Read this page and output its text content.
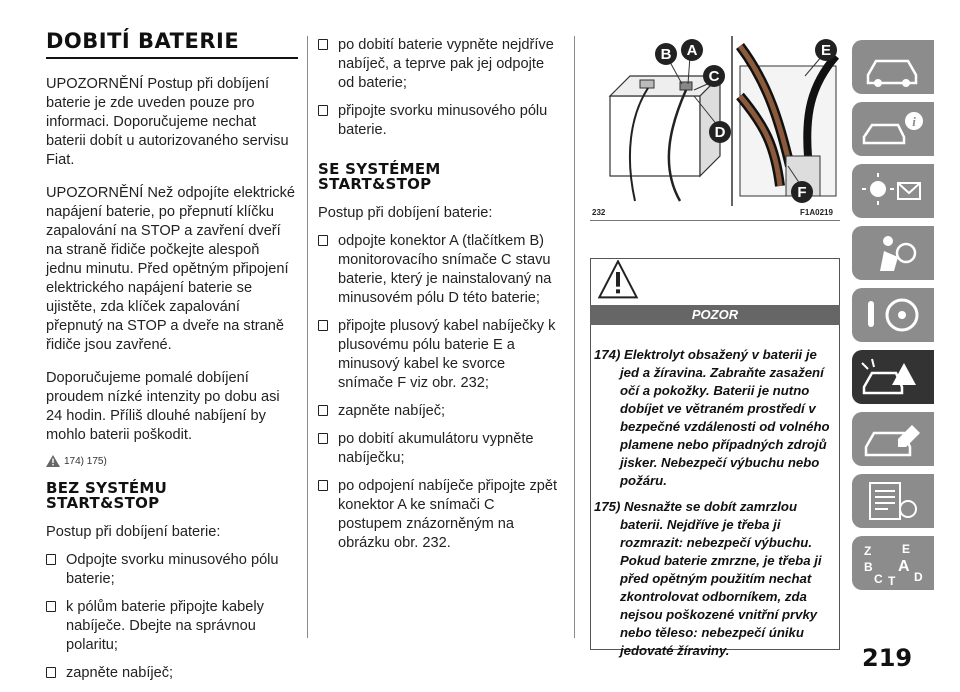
DOBITÍ BATERIE

UPOZORNĚNÍ Postup při dobíjení baterie je zde uveden pouze pro informaci. Doporučujeme nechat baterii dobít u autorizovaného servisu Fiat.

UPOZORNĚNÍ Než odpojíte elektrické napájení baterie, po přepnutí klíčku zapalování na STOP a zavření dveří na straně řidiče počkejte alespoň jednu minutu. Před opětným připojení elektrického napájení baterie se ujistěte, zda klíček zapalování přepnutý na STOP a dveře na straně řidiče jsou zavřené.

Doporučujeme pomalé dobíjení proudem nízké intenzity po dobu asi 24 hodin. Příliš dlouhé nabíjení by mohlo baterii poškodit.

174) 175)
BEZ SYSTÉMU
START&STOP

Postup při dobíjení baterie:

Odpojte svorku minusového pólu baterie;
k pólům baterie připojte kabely nabíječe. Dbejte na správnou polaritu;
zapněte nabíječ;
po dobití baterie vypněte nejdříve nabíječ, a teprve pak jej odpojte od baterie;
připojte svorku minusového pólu baterie.
SE SYSTÉMEM
START&STOP

Postup při dobíjení baterie:

odpojte konektor A (tlačítkem B) monitorovacího snímače C stavu baterie, který je nainstalovaný na minusovém pólu D této baterie;
připojte plusový kabel nabíječky k plusovému pólu baterie E a minusový kabel ke svorce snímače F viz obr. 232;
zapněte nabíječ;
po dobití akumulátoru vypněte nabíječku;
po odpojení nabíječe připojte zpět konektor A ke snímači C postupem znázorněným na obrázku obr. 232.
B A
C
D
E
F
232	F1A0219
POZOR
174) Elektrolyt obsažený v baterii je jed a žíravina. Zabraňte zasažení očí a pokožky. Baterii je nutno dobíjet ve větraném prostředí v bezpečné vzdálenosti od volného plamene nebo případných zdrojů jisker. Nebezpečí výbuchu nebo požáru.
175) Nesnažte se dobít zamrzlou baterii. Nejdříve je třeba ji rozmrazit: nebezpečí výbuchu. Pokud baterie zmrzne, je třeba ji před opětným použitím nechat zkontrolovat odborníkem, zda nejsou poškozené vnitřní prvky nebo těleso: nebezpečí úniku jedovaté žíraviny.
i
Z	E
B A
C T D
219
